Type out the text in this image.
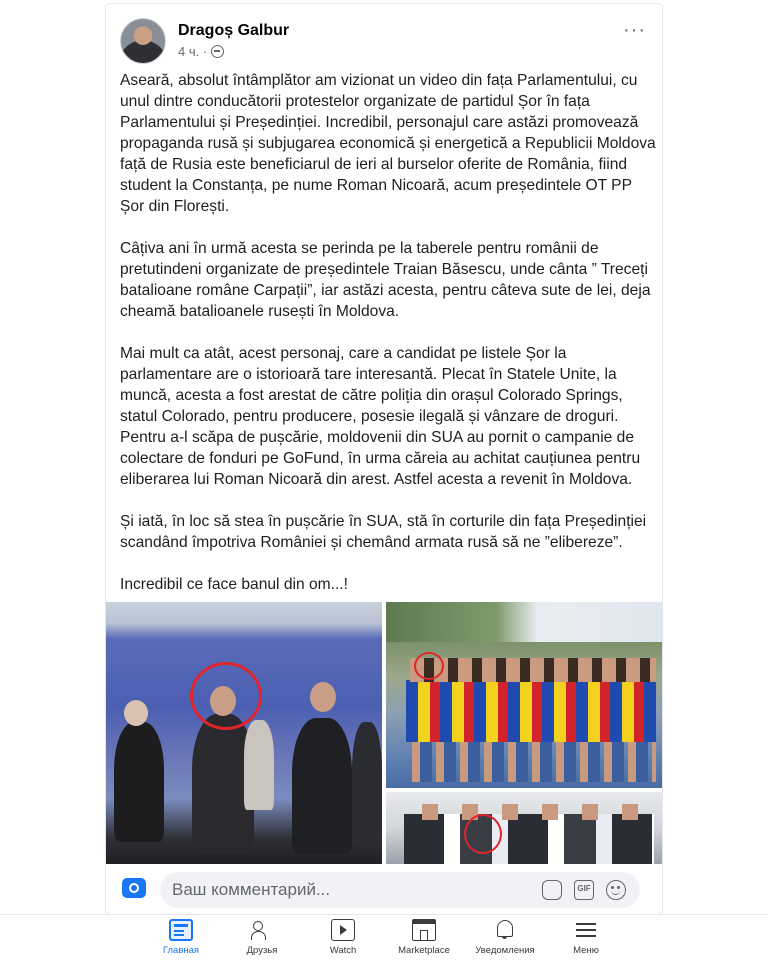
Dragoș Galbur
4 ч. ·
···

Aseară, absolut întâmplător am vizionat un video din fața Parlamentului, cu unul dintre conducătorii protestelor organizate de partidul Șor în fața Parlamentului și Președinției. Incredibil, personajul care astăzi promovează propaganda rusă și subjugarea economică și energetică a Republicii Moldova față de Rusia este beneficiarul de ieri al burselor oferite de România, fiind student la Constanța, pe nume Roman Nicoară, acum președintele OT PP Șor din Florești.

Câțiva ani în urmă acesta se perinda pe la taberele pentru românii de pretutindeni organizate de președintele Traian Băsescu, unde cânta ” Treceți batalioane române Carpații”, iar astăzi acesta, pentru câteva sute de lei, deja cheamă batalioanele rusești în Moldova.

Mai mult ca atât, acest personaj, care a candidat pe listele Șor la parlamentare are o istorioară tare interesantă. Plecat în Statele Unite, la muncă, acesta a fost arestat de către poliția din orașul Colorado Springs, statul Colorado, pentru producere, posesie ilegală și vânzare de droguri. Pentru a-l scăpa de pușcărie, moldovenii din SUA au pornit o campanie de colectare de fonduri pe GoFund, în urma căreia au achitat cauțiunea pentru eliberarea lui Roman Nicoară din arest. Astfel acesta a revenit în Moldova.

Și iată, în loc să stea în pușcărie în SUA, stă în corturile din fața Președinției scandând împotriva României și chemând armata rusă să ne ”elibereze”.

Incredibil ce face banul din om...!

Ваш комментарий...	GIF
Главная	Друзья	Watch	Marketplace	Уведомления	Меню
